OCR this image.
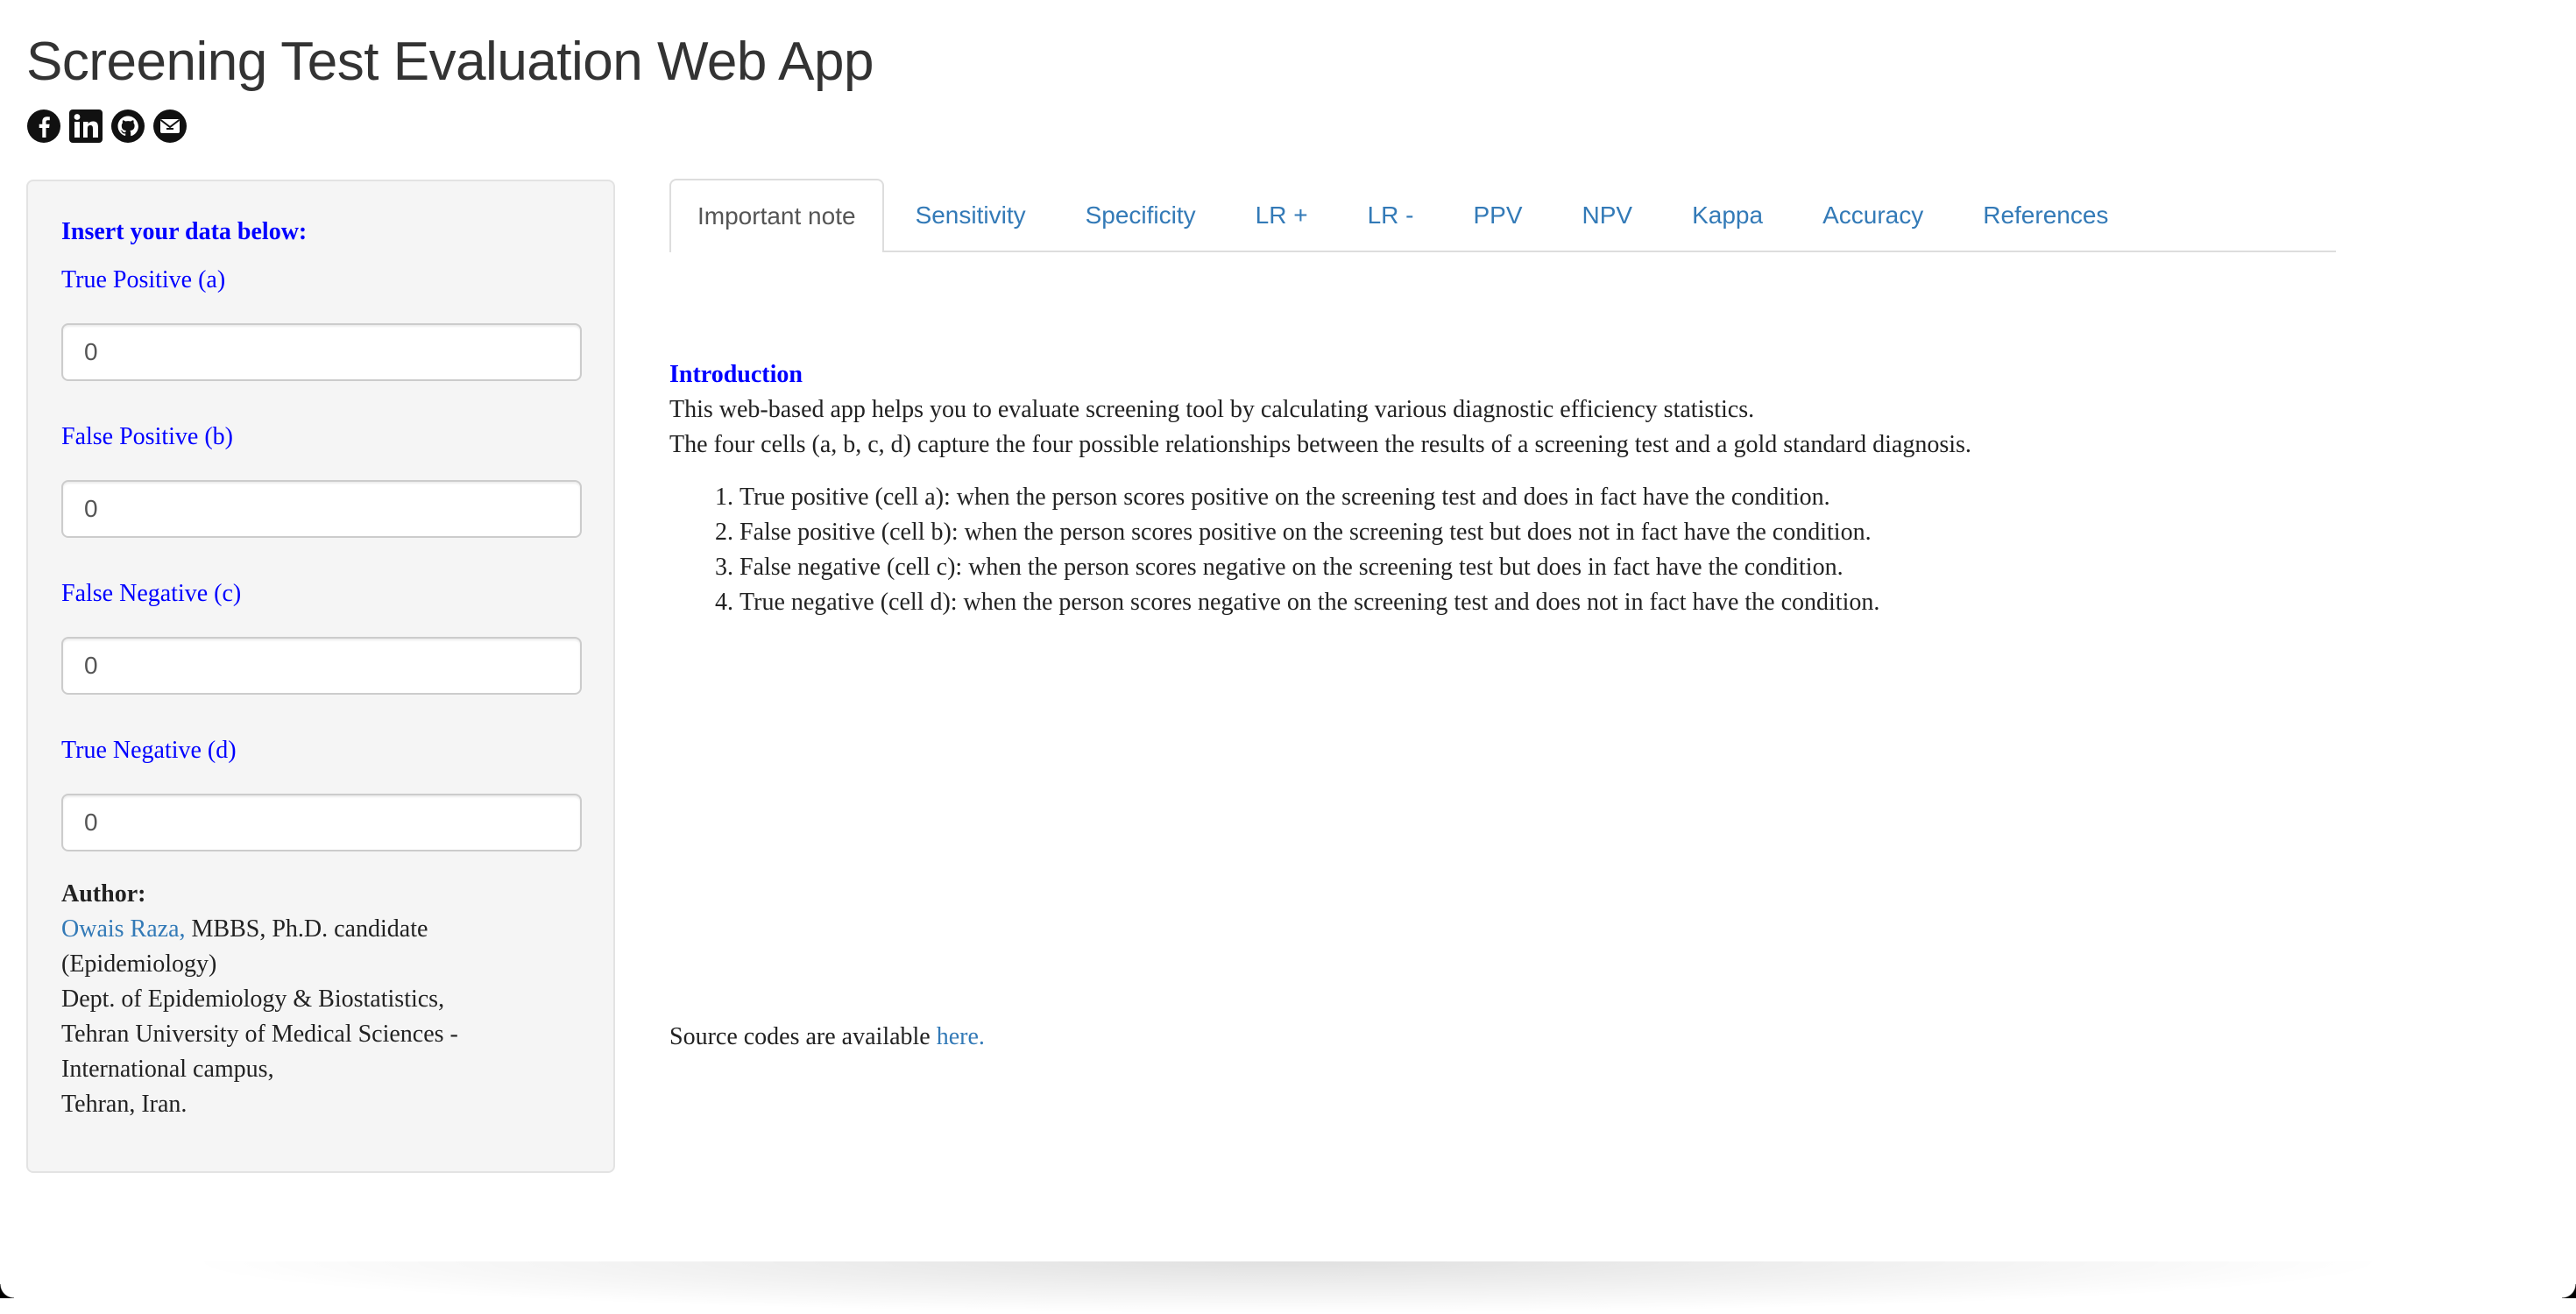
Screening Test Evaluation Web App
Insert your data below:
True Positive (a)
0
False Positive (b)
0
False Negative (c)
0
True Negative (d)
0
Author:
Owais Raza, MBBS, Ph.D. candidate (Epidemiology)
Dept. of Epidemiology & Biostatistics,
Tehran University of Medical Sciences - International campus,
Tehran, Iran.
Important note	Sensitivity	Specificity	LR +	LR -	PPV	NPV	Kappa	Accuracy	References
Introduction

This web-based app helps you to evaluate screening tool by calculating various diagnostic efficiency statistics.

The four cells (a, b, c, d) capture the four possible relationships between the results of a screening test and a gold standard diagnosis.

1. True positive (cell a): when the person scores positive on the screening test and does in fact have the condition.
2. False positive (cell b): when the person scores positive on the screening test but does not in fact have the condition.
3. False negative (cell c): when the person scores negative on the screening test but does in fact have the condition.
4. True negative (cell d): when the person scores negative on the screening test and does not in fact have the condition.
Source codes are available here.
